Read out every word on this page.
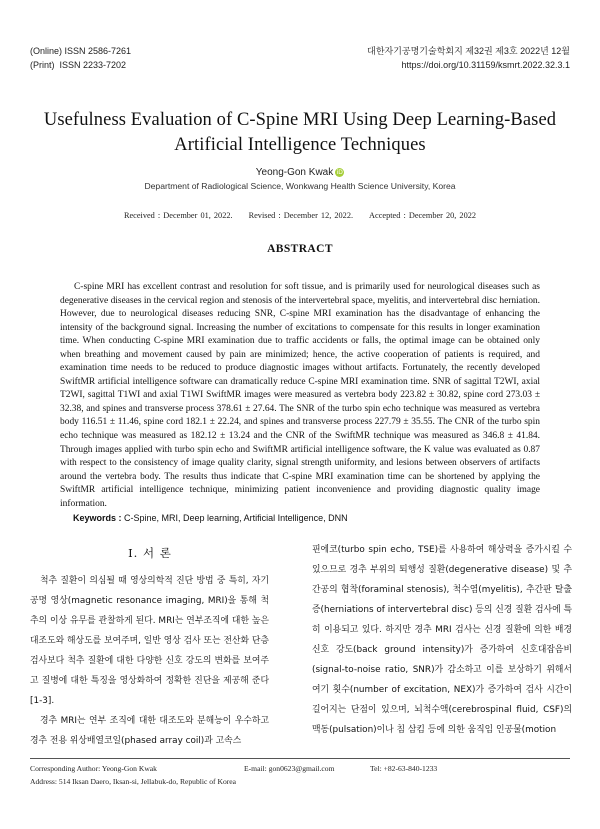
(Online) ISSN 2586-7261
(Print)  ISSN 2233-7202
대한자기공명기술학회지 제32권 제3호 2022년 12월
https://doi.org/10.31159/ksmrt.2022.32.3.1
Usefulness Evaluation of C-Spine MRI Using Deep Learning-Based
Artificial Intelligence Techniques
Yeong-Gon Kwak iD
Department of Radiological Science, Wonkwang Health Science University, Korea
Received : December 01, 2022. Revised : December 12, 2022. Accepted : December 20, 2022
ABSTRACT

C-spine MRI has excellent contrast and resolution for soft tissue, and is primarily used for neurological diseases such as degenerative diseases in the cervical region and stenosis of the intervertebral space, myelitis, and intervertebral disc herniation. However, due to neurological diseases reducing SNR, C-spine MRI examination has the disadvantage of enhancing the intensity of the background signal. Increasing the number of excitations to compensate for this results in longer examination time. When conducting C-spine MRI examination due to traffic accidents or falls, the optimal image can be obtained only when breathing and movement caused by pain are minimized; hence, the active cooperation of patients is required, and examination time needs to be reduced to produce diagnostic images without artifacts. Fortunately, the recently developed SwiftMR artificial intelligence software can dramatically reduce C-spine MRI examination time. SNR of sagittal T2WI, axial T2WI, sagittal T1WI and axial T1WI SwiftMR images were measured as vertebra body 223.82 ± 30.82, spine cord 273.03 ± 32.38, and spines and transverse process 378.61 ± 27.64. The SNR of the turbo spin echo technique was measured as vertebra body 116.51 ± 11.46, spine cord 182.1 ± 22.24, and spines and transverse process 227.79 ± 35.55. The CNR of the turbo spin echo technique was measured as 182.12 ± 13.24 and the CNR of the SwiftMR technique was measured as 346.8 ± 41.84. Through images applied with turbo spin echo and SwiftMR artificial intelligence software, the K value was evaluated as 0.87 with respect to the consistency of image quality clarity, signal strength uniformity, and lesions between observers of artifacts around the vertebra body. The results thus indicate that C-spine MRI examination time can be shortened by applying the SwiftMR artificial intelligence technique, minimizing patient inconvenience and providing diagnostic quality image information.

Keywords : C-Spine, MRI, Deep learning, Artificial Intelligence, DNN
Ⅰ. 서 론

척추 질환이 의심될 때 영상의학적 진단 방법 중 특히, 자기 공명 영상(magnetic resonance imaging, MRI)을 통해 척추의 이상 유무를 관찰하게 된다. MRI는 연부조직에 대한 높은 대조도와 해상도를 보여주며, 일반 영상 검사 또는 전산화 단층 검사보다 척추 질환에 대한 다양한 신호 강도의 변화를 보여주고 질병에 대한 특징을 영상화하여 정확한 진단을 제공해 준다[1-3].

경추 MRI는 연부 조직에 대한 대조도와 분해능이 우수하고 경추 전용 위상배열코일(phased array coil)과 고속스

핀에코(turbo spin echo, TSE)를 사용하여 해상력을 증가시킬 수 있으므로 경추 부위의 퇴행성 질환(degenerative disease) 및 추간공의 협착(foraminal stenosis), 척수염(myelitis), 추간판 탈출증(herniations of intervertebral disc) 등의 신경 질환 검사에 특히 이용되고 있다. 하지만 경추 MRI 검사는 신경 질환에 의한 배경 신호 강도(back ground intensity)가 증가하여 신호대잡음비(signal-to-noise ratio, SNR)가 감소하고 이를 보상하기 위해서 여기 횟수(number of excitation, NEX)가 증가하여 검사 시간이 길어지는 단점이 있으며, 뇌척수액(cerebrospinal fluid, CSF)의 맥동(pulsation)이나 침 삼킴 등에 의한 움직임 인공물(motion

Corresponding Author: Yeong-Gon Kwak	E-mail: gon0623@gmail.com	Tel: +82-63-840-1233
Address: 514 Iksan Daero, Iksan-si, Jellabuk-do, Republic of Korea
